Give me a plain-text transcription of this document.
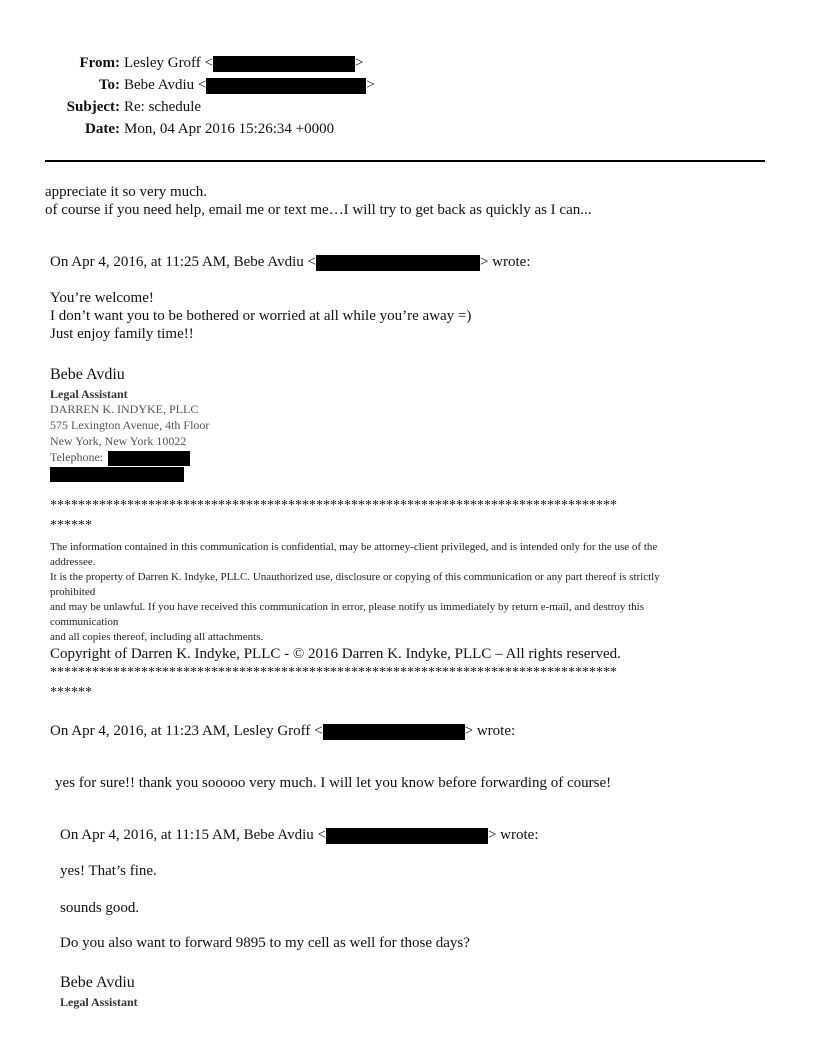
From: Lesley Groff <	>
To: Bebe Avdiu <	>
Subject: Re: schedule
Date: Mon, 04 Apr 2016 15:26:34 +0000
appreciate it so very much.
of course if you need help, email me or text me…I will try to get back as quickly as I can...
On Apr 4, 2016, at 11:25 AM, Bebe Avdiu <	> wrote:
You’re welcome!
I don’t want you to be bothered or worried at all while you’re away =)
Just enjoy family time!!
Bebe Avdiu
Legal Assistant
DARREN K. INDYKE, PLLC
575 Lexington Avenue, 4th Floor
New York, New York 10022
Telephone:
*********************************************************************************
******
The information contained in this communication is confidential, may be attorney-client privileged, and is intended only for the use of the
addressee.
It is the property of Darren K. Indyke, PLLC. Unauthorized use, disclosure or copying of this communication or any part thereof is strictly
prohibited
and may be unlawful. If you have received this communication in error, please notify us immediately by return e-mail, and destroy this
communication
and all copies thereof, including all attachments.
Copyright of Darren K. Indyke, PLLC - © 2016 Darren K. Indyke, PLLC – All rights reserved.
*********************************************************************************
******
On Apr 4, 2016, at 11:23 AM, Lesley Groff <	> wrote:
yes for sure!! thank you sooooo very much. I will let you know before forwarding of course!
On Apr 4, 2016, at 11:15 AM, Bebe Avdiu <	> wrote:
yes! That’s fine.
sounds good.
Do you also want to forward 9895 to my cell as well for those days?
Bebe Avdiu
Legal Assistant
